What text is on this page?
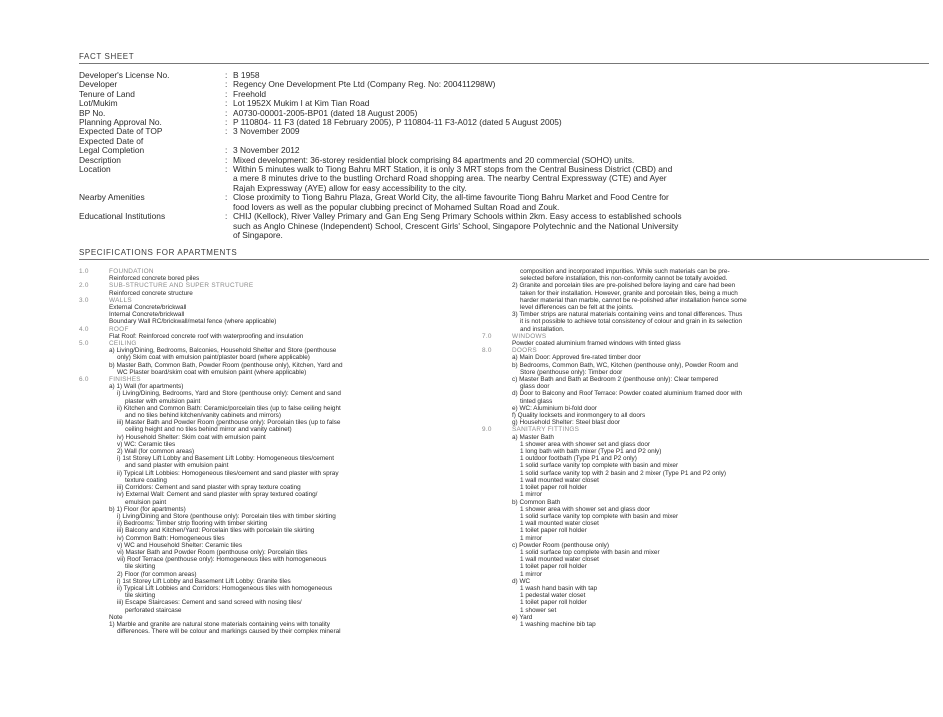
FACT SHEET
Developer's License No.	: B 1958
Developer	: Regency One Development Pte Ltd (Company Reg. No: 200411298W)
Tenure of Land	: Freehold
Lot/Mukim	: Lot 1952X Mukim I at Kim Tian Road
BP No.	: A0730-00001-2005-BP01 (dated 18 August 2005)
Planning Approval No.	: P 110804- 11 F3 (dated 18 February 2005), P 110804-11 F3-A012 (dated 5 August 2005)
Expected Date of TOP	: 3 November 2009
Expected Date of
Legal Completion	: 3 November 2012
Description	: Mixed development: 36-storey residential block comprising 84 apartments and 20 commercial (SOHO) units.
Location	: Within 5 minutes walk to Tiong Bahru MRT Station, it is only 3 MRT stops from the Central Business District (CBD) and
a mere 8 minutes drive to the bustling Orchard Road shopping area. The nearby Central Expressway (CTE) and Ayer
Rajah Expressway (AYE) allow for easy accessibility to the city.
Nearby Amenities	: Close proximity to Tiong Bahru Plaza, Great World City, the all-time favourite Tiong Bahru Market and Food Centre for
food lovers as well as the popular clubbing precinct of Mohamed Sultan Road and Zouk.
Educational Institutions	: CHIJ (Kellock), River Valley Primary and Gan Eng Seng Primary Schools within 2km. Easy access to established schools
such as Anglo Chinese (Independent) School, Crescent Girls' School, Singapore Polytechnic and the National University
of Singapore.
SPECIFICATIONS FOR APARTMENTS
1.0	FOUNDATION
Reinforced concrete bored piles
2.0	SUB-STRUCTURE AND SUPER STRUCTURE
Reinforced concrete structure
3.0	WALLS
External Concrete/brickwall
Internal Concrete/brickwall
Boundary Wall RC/brickwall/metal fence (where applicable)
4.0	ROOF
Flat Roof: Reinforced concrete roof with waterproofing and insulation
5.0	CEILING
a) Living/Dining, Bedrooms, Balconies, Household Shelter and Store (penthouse
only) Skim coat with emulsion paint/plaster board (where applicable)
b) Master Bath, Common Bath, Powder Room (penthouse only), Kitchen, Yard and
WC Plaster board/skim coat with emulsion paint (where applicable)
6.0	FINISHES
a) 1) Wall (for apartments)
i) Living/Dining, Bedrooms, Yard and Store (penthouse only): Cement and sand
plaster with emulsion paint
ii) Kitchen and Common Bath: Ceramic/porcelain tiles (up to false ceiling height
and no tiles behind kitchen/vanity cabinets and mirrors)
iii) Master Bath and Powder Room (penthouse only): Porcelain tiles (up to false
ceiling height and no tiles behind mirror and vanity cabinet)
iv) Household Shelter: Skim coat with emulsion paint
v) WC: Ceramic tiles
2) Wall (for common areas)
i) 1st Storey Lift Lobby and Basement Lift Lobby: Homogeneous tiles/cement
and sand plaster with emulsion paint
ii) Typical Lift Lobbies: Homogeneous tiles/cement and sand plaster with spray
texture coating
iii) Corridors: Cement and sand plaster with spray texture coating
iv) External Wall: Cement and sand plaster with spray textured coating/
emulsion paint
b) 1) Floor (for apartments)
i) Living/Dining and Store (penthouse only): Porcelain tiles with timber skirting
ii) Bedrooms: Timber strip flooring with timber skirting
iii) Balcony and Kitchen/Yard: Porcelain tiles with porcelain tile skirting
iv) Common Bath: Homogeneous tiles
v) WC and Household Shelter: Ceramic tiles
vi) Master Bath and Powder Room (penthouse only): Porcelain tiles
vii) Roof Terrace (penthouse only): Homogeneous tiles with homogeneous
tile skirting
2) Floor (for common areas)
i) 1st Storey Lift Lobby and Basement Lift Lobby: Granite tiles
ii) Typical Lift Lobbies and Corridors: Homogeneous tiles with homogeneous
tile skirting
iii) Escape Staircases: Cement and sand screed with nosing tiles/
perforated staircase
Note
1) Marble and granite are natural stone materials containing veins with tonality
differences. There will be colour and markings caused by their complex mineral
composition and incorporated impurities. While such materials can be pre-
selected before installation, this non-conformity cannot be totally avoided.
2) Granite and porcelain tiles are pre-polished before laying and care had been
taken for their installation. However, granite and porcelain tiles, being a much
harder material than marble, cannot be re-polished after installation hence some
level differences can be felt at the joints.
3) Timber strips are natural materials containing veins and tonal differences. Thus
it is not possible to achieve total consistency of colour and grain in its selection
and installation.
7.0	WINDOWS
Powder coated aluminium framed windows with tinted glass
8.0	DOORS
a) Main Door: Approved fire-rated timber door
b) Bedrooms, Common Bath, WC, Kitchen (penthouse only), Powder Room and
Store (penthouse only): Timber door
c) Master Bath and Bath at Bedroom 2 (penthouse only): Clear tempered
glass door
d) Door to Balcony and Roof Terrace: Powder coated aluminium framed door with
tinted glass
e) WC: Aluminium bi-fold door
f) Quality locksets and ironmongery to all doors
g) Household Shelter: Steel blast door
9.0	SANITARY FITTINGS
a) Master Bath
1 shower area with shower set and glass door
1 long bath with bath mixer (Type P1 and P2 only)
1 outdoor footbath (Type P1 and P2 only)
1 solid surface vanity top complete with basin and mixer
1 solid surface vanity top with 2 basin and 2 mixer (Type P1 and P2 only)
1 wall mounted water closet
1 toilet paper roll holder
1 mirror
b) Common Bath
1 shower area with shower set and glass door
1 solid surface vanity top complete with basin and mixer
1 wall mounted water closet
1 toilet paper roll holder
1 mirror
c) Powder Room (penthouse only)
1 solid surface top complete with basin and mixer
1 wall mounted water closet
1 toilet paper roll holder
1 mirror
d) WC
1 wash hand basin with tap
1 pedestal water closet
1 toilet paper roll holder
1 shower set
e) Yard
1 washing machine bib tap
